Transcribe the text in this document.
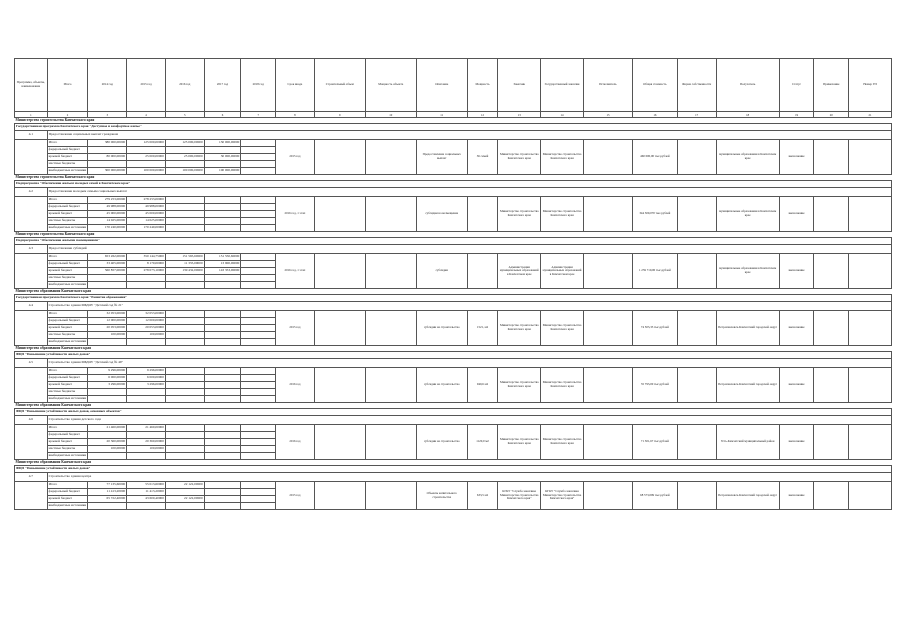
Программа, объекты, наименование	Итого	2014 год	2015 год	2016 год	2017 год	2018 год	Срок ввода	Строительный объем	Мощность объекта	Описание	Мощность	Заказчик	Государственный заказчик	Исполнитель	Общая стоимость	Форма собственности	Получатель	Статус	Примечание	Номер ГП
1	2	3	4	5	6	7	8	9	10	11	12	13	14	15	16	17	18	19	20	21
Министерство строительства Камчатского края																				
Государственная программа Камчатского края "Доступное и комфортное жилье"																				
4.1	Предоставление социальных выплат гражданам																			
	Итого	380 000,00000	125 000,00000	125 000,00000	130 000,00000		2015 год			Предоставление социальных выплат	36 семей	Министерство строительства Камчатского края	Министерство строительства Камчатского края		460 000,00 тыс.рублей		муниципальные образования в Камчатском крае	выполнение		
	федеральный бюджет																			
	краевой бюджет	80 000,00000	25 000,00000	25 000,00000	30 000,00000															
	местные бюджеты																			
	внебюджетные источники	300 000,00000	100 000,00000	100 000,00000	100 000,00000															
Министерство строительства Камчатского края																				
Подпрограмма "Обеспечение жильем молодых семей в Камчатском крае"																				
4.2	Предоставление молодым семьям социальных выплат																			
	Итого	279 253,00000	278 253,00000				2016 год, 1 этап			субсидии на возмещение		Министерство строительства Камчатского края	Министерство строительства Камчатского края		344 309,070 тыс.рублей		муниципальные образования в Камчатском крае	выполнение		
	федеральный бюджет	49 988,00000	49 988,00000																	
	краевой бюджет	45 000,00000	45 000,00000																	
	местные бюджеты	14 025,00000	14 025,00000																	
	внебюджетные источники	170 240,00000	170 240,00000																	
Министерство строительства Камчатского края																				
Подпрограмма "Обеспечение жилыми помещениями"																				
4.3	Предоставление субсидий																			
	Итого	653 262,00000	350 144,75000	151 565,60000	151 550,60000		2016 год, 1 этап			субсидии		Администрации муниципальных образований в Камчатском крае	Администрации муниципальных образований в Камчатском крае		1 259 710,00 тыс.рублей		муниципальные образования в Камчатском крае	выполнение		
	федеральный бюджет	33 405,00000	8 170,00000	11 335,00000	13 900,00000															
	краевой бюджет	560 857,00000	278 073,10000	139 432,00000	143 353,00000															
	местные бюджеты																			
	внебюджетные источники																			
Министерство образования Камчатского края																				
Государственная программа Камчатского края "Развитие образования"																				
4.4	Строительство здания МБДОУ "Детский сад № 21"																			
	Итого	32 053,00000	32 053,00000				2015 год			субсидии на строительство	1521, м2	Министерство строительства Камчатского края	Министерство строительства Камчатского края		74 503,33 тыс.рублей		Петропавловск-Камчатский городской округ	выполнение		
	федеральный бюджет	12 000,00000	12 000,00000																	
	краевой бюджет	20 053,00000	20 053,00000																	
	местные бюджеты	100,00000	100,00000																	
	внебюджетные источники																			
Министерство образования Камчатского края																				
ФЦП "Повышение устойчивости жилых домов"																				
4.5	Строительство здания МБДОУ "Детский сад № 49"																			
	Итого	9 296,00000	9 296,00000				2016 год			субсидии на строительство	940,6 м2	Министерство строительства Камчатского края	Министерство строительства Камчатского края		35 793,00 тыс.рублей		Петропавловск-Камчатский городской округ	выполнение		
	федеральный бюджет	6 000,00000	6 000,00000																	
	краевой бюджет	3 296,00000	3 296,00000																	
	местные бюджеты																			
	внебюджетные источники																			
Министерство образования Камчатского края																				
ФЦП "Повышение устойчивости жилых домов, основных объектов"																				
4.6	Строительство здания детского сада																			
	Итого	21 460,00000	21 460,00000				2016 год			субсидии на строительство	1120,0 м2	Министерство строительства Камчатского края	Министерство строительства Камчатского края		71 301,67 тыс.рублей		Усть-Камчатский муниципальный район	выполнение		
	федеральный бюджет																			
	краевой бюджет	20 360,00000	20 360,00000																	
	местные бюджеты	100,00000	100,00000																	
	внебюджетные источники																			
Министерство образования Камчатского края																				
ФЦП "Повышение устойчивости жилых домов"																				
4.7	Строительство здания центра																			
	Итого	77 135,60000	55 013,60000	22 122,00000			2015 год			Объекты капитального строительства	633,5 м2	КГКУ "Служба заказчика Министерства строительства Камчатского края"	КГКУ "Служба заказчика Министерства строительства Камчатского края"		68 573,099 тыс.рублей		Петропавловск-Камчатский городской округ	выполнение		
	федеральный бюджет	11 413,20000	11 413,20000																	
	краевой бюджет	65 722,40000	43 600,40000	22 122,00000																
	внебюджетные источники																			
